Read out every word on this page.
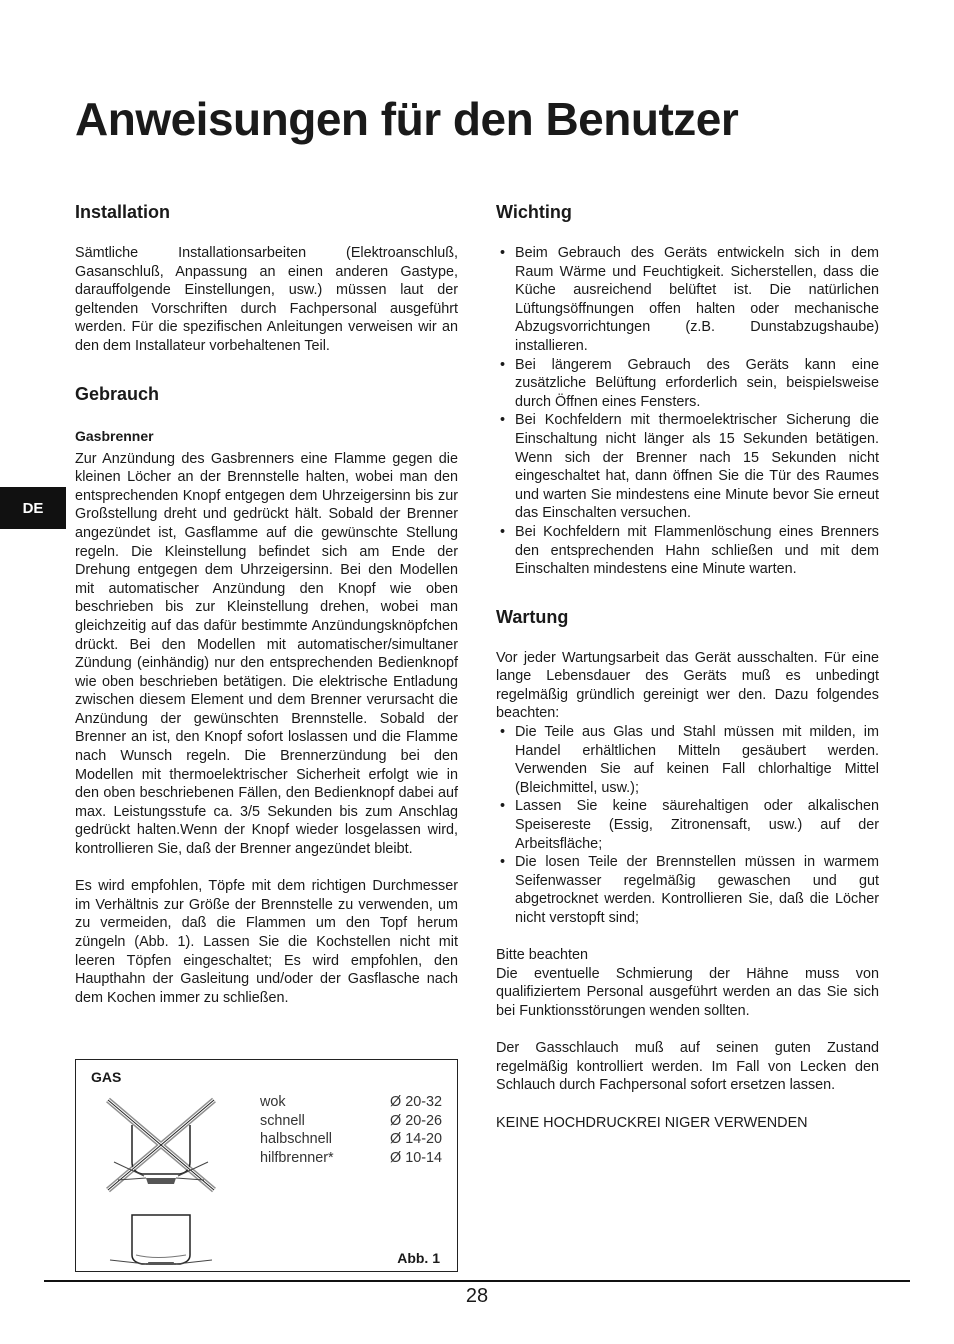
Anweisungen für den Benutzer
DE
Installation

Sämtliche Installationsarbeiten (Elektroanschluß, Gasanschluß, Anpassung an einen anderen Gastype, darauffolgende Einstellungen, usw.) müssen laut der geltenden Vorschriften durch Fachpersonal ausgeführt werden. Für die spezifischen Anleitungen verweisen wir an den dem Installateur vorbehaltenen Teil.

Gebrauch
Gasbrenner

Zur Anzündung des Gasbrenners eine Flamme gegen die kleinen Löcher an der Brennstelle halten, wobei man den entsprechenden Knopf entgegen dem Uhrzeigersinn bis zur Großstellung dreht und gedrückt hält. Sobald der Brenner angezündet ist, Gasflamme auf die gewünschte Stellung regeln. Die Kleinstellung befindet sich am Ende der Drehung entgegen dem Uhrzeigersinn. Bei den Modellen mit automatischer Anzündung den Knopf wie oben beschrieben bis zur Kleinstellung drehen, wobei man gleichzeitig auf das dafür bestimmte Anzündungsknöpfchen drückt. Bei den Modellen mit automatischer/simultaner Zündung (einhändig) nur den entsprechenden Bedienknopf wie oben beschrieben betätigen. Die elektrische Entladung zwischen diesem Element und dem Brenner verursacht die Anzündung der gewünschten Brennstelle. Sobald der Brenner an ist, den Knopf sofort loslassen und die Flamme nach Wunsch regeln. Die Brennerzündung bei den Modellen mit thermoelektrischer Sicherheit erfolgt wie in den oben beschriebenen Fällen, den Bedienknopf dabei auf max. Leistungsstufe ca. 3/5 Sekunden bis zum Anschlag gedrückt halten.Wenn der Knopf wieder losgelassen wird, kontrollieren Sie, daß der Brenner angezündet bleibt.

Es wird empfohlen, Töpfe mit dem richtigen Durchmesser im Verhältnis zur Größe der Brennstelle zu verwenden, um zu vermeiden, daß die Flammen um den Topf herum züngeln (Abb. 1). Lassen Sie die Kochstellen nicht mit leeren Töpfen eingeschaltet; Es wird empfohlen, den Haupthahn der Gasleitung und/oder der Gasflasche nach dem Kochen immer zu schließen.

GAS
wok	Ø 20-32
schnell	Ø 20-26
halbschnell	Ø 14-20
hilfbrenner*	Ø 10-14
Abb. 1
Wichting
• Beim Gebrauch des Geräts entwickeln sich in dem Raum Wärme und Feuchtigkeit. Sicherstellen, dass die Küche ausreichend belüftet ist. Die natürlichen Lüftungsöffnungen offen halten oder mechanische Abzugsvorrichtungen (z.B. Dunstabzugshaube) installieren.
• Bei längerem Gebrauch des Geräts kann eine zusätzliche Belüftung erforderlich sein, beispielsweise durch Öffnen eines Fensters.
• Bei Kochfeldern mit thermoelektrischer Sicherung die Einschaltung nicht länger als 15 Sekunden betätigen. Wenn sich der Brenner nach 15 Sekunden nicht eingeschaltet hat, dann öffnen Sie die Tür des Raumes und warten Sie mindestens eine Minute bevor Sie erneut das Einschalten versuchen.
• Bei Kochfeldern mit Flammenlöschung eines Brenners den entsprechenden Hahn schließen und mit dem Einschalten mindestens eine Minute warten.
Wartung

Vor jeder Wartungsarbeit das Gerät ausschalten. Für eine lange Lebensdauer des Geräts muß es unbedingt regelmäßig gründlich gereinigt wer den. Dazu folgendes beachten:

• Die Teile aus Glas und Stahl müssen mit milden, im Handel erhältlichen Mitteln gesäubert werden. Verwenden Sie auf keinen Fall chlorhaltige Mittel (Bleichmittel, usw.);
• Lassen Sie keine säurehaltigen oder alkalischen Speisereste (Essig, Zitronensaft, usw.) auf der Arbeitsfläche;
• Die losen Teile der Brennstellen müssen in warmem Seifenwasser regelmäßig gewaschen und gut abgetrocknet werden. Kontrollieren Sie, daß die Löcher nicht verstopft sind;

Bitte beachten

Die eventuelle Schmierung der Hähne muss von qualifiziertem Personal ausgeführt werden an das Sie sich bei Funktionsstörungen wenden sollten.

Der Gasschlauch muß auf seinen guten Zustand regelmäßig kontrolliert werden. Im Fall von Lecken den Schlauch durch Fachpersonal sofort ersetzen lassen.

KEINE HOCHDRUCKREI NIGER VERWENDEN

28
